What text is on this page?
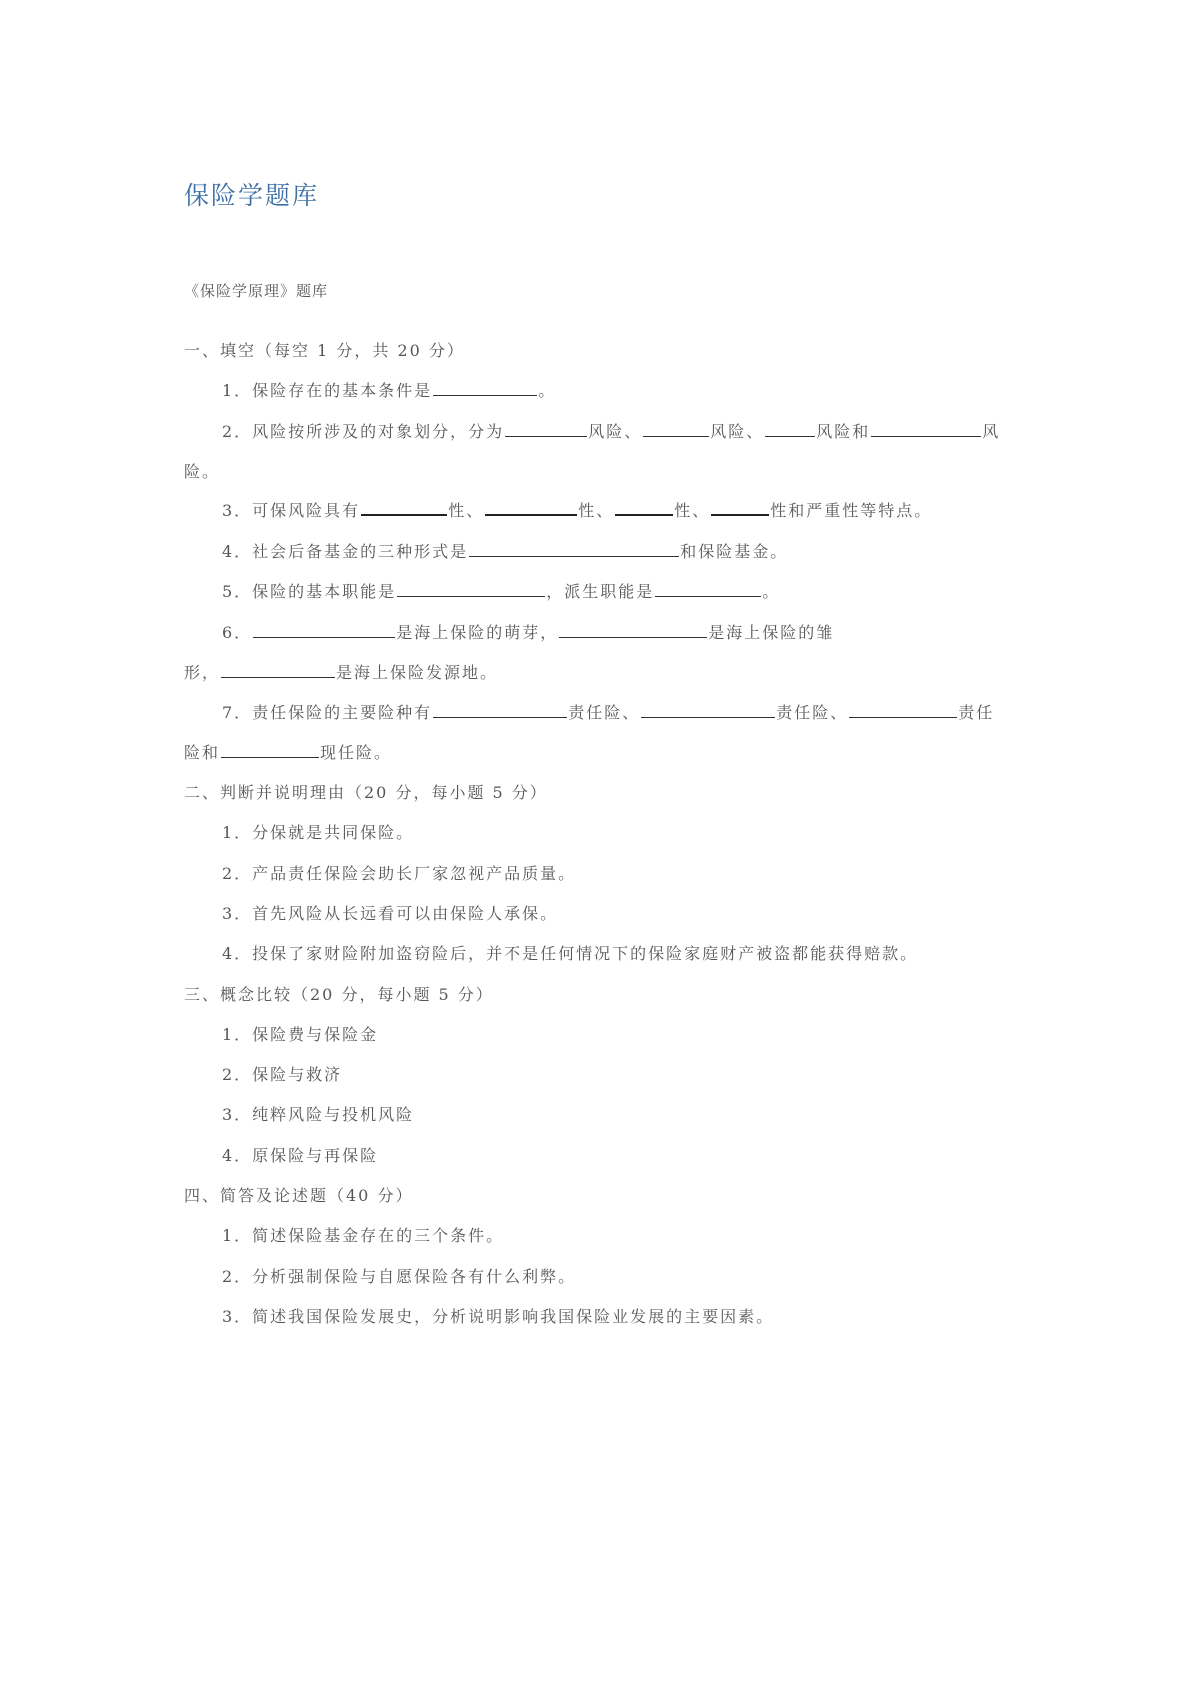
保险学题库
《保险学原理》题库
一、填空（每空 1 分，共 20 分）
1．保险存在的基本条件是	。
2．风险按所涉及的对象划分，分为	风险、	风险、	风险和	风
险。
3．可保风险具有	性、	性、	性、	性和严重性等特点。
4．社会后备基金的三种形式是	和保险基金。
5．保险的基本职能是	，派生职能是	。
6．	是海上保险的萌芽，	是海上保险的雏
形，	是海上保险发源地。
7．责任保险的主要险种有	责任险、	责任险、	责任
险和	现任险。
二、判断并说明理由（20 分，每小题 5 分）
1．分保就是共同保险。
2．产品责任保险会助长厂家忽视产品质量。
3．首先风险从长远看可以由保险人承保。
4．投保了家财险附加盗窃险后，并不是任何情况下的保险家庭财产被盗都能获得赔款。
三、概念比较（20 分，每小题 5 分）
1．保险费与保险金
2．保险与救济
3．纯粹风险与投机风险
4．原保险与再保险
四、简答及论述题（40 分）
1．简述保险基金存在的三个条件。
2．分析强制保险与自愿保险各有什么利弊。
3．简述我国保险发展史，分析说明影响我国保险业发展的主要因素。
